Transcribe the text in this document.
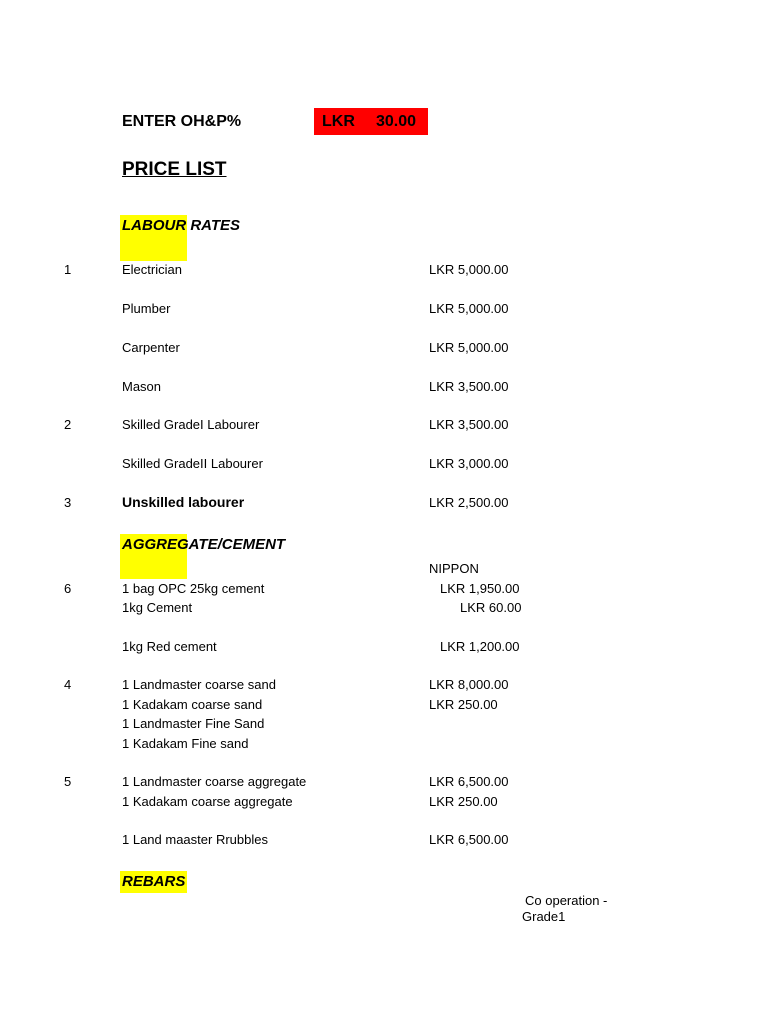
ENTER OH&P%	LKR 30.00
PRICE LIST
LABOUR RATES
1	Electrician	LKR 5,000.00
Plumber	LKR 5,000.00
Carpenter	LKR 5,000.00
Mason	LKR 3,500.00
2	Skilled GradeI Labourer	LKR 3,500.00
Skilled GradeII Labourer	LKR 3,000.00
3	Unskilled labourer	LKR 2,500.00
AGGREGATE/CEMENT
NIPPON
6	1 bag OPC 25kg cement	LKR 1,950.00
1kg Cement	LKR 60.00
1kg Red cement	LKR 1,200.00
4	1 Landmaster coarse sand	LKR 8,000.00
1 Kadakam coarse sand	LKR 250.00
1 Landmaster Fine Sand
1 Kadakam Fine sand
5	1 Landmaster coarse aggregate	LKR 6,500.00
1 Kadakam coarse aggregate	LKR 250.00
1 Land maaster Rrubbles	LKR 6,500.00
REBARS
Co operation -
Grade1
